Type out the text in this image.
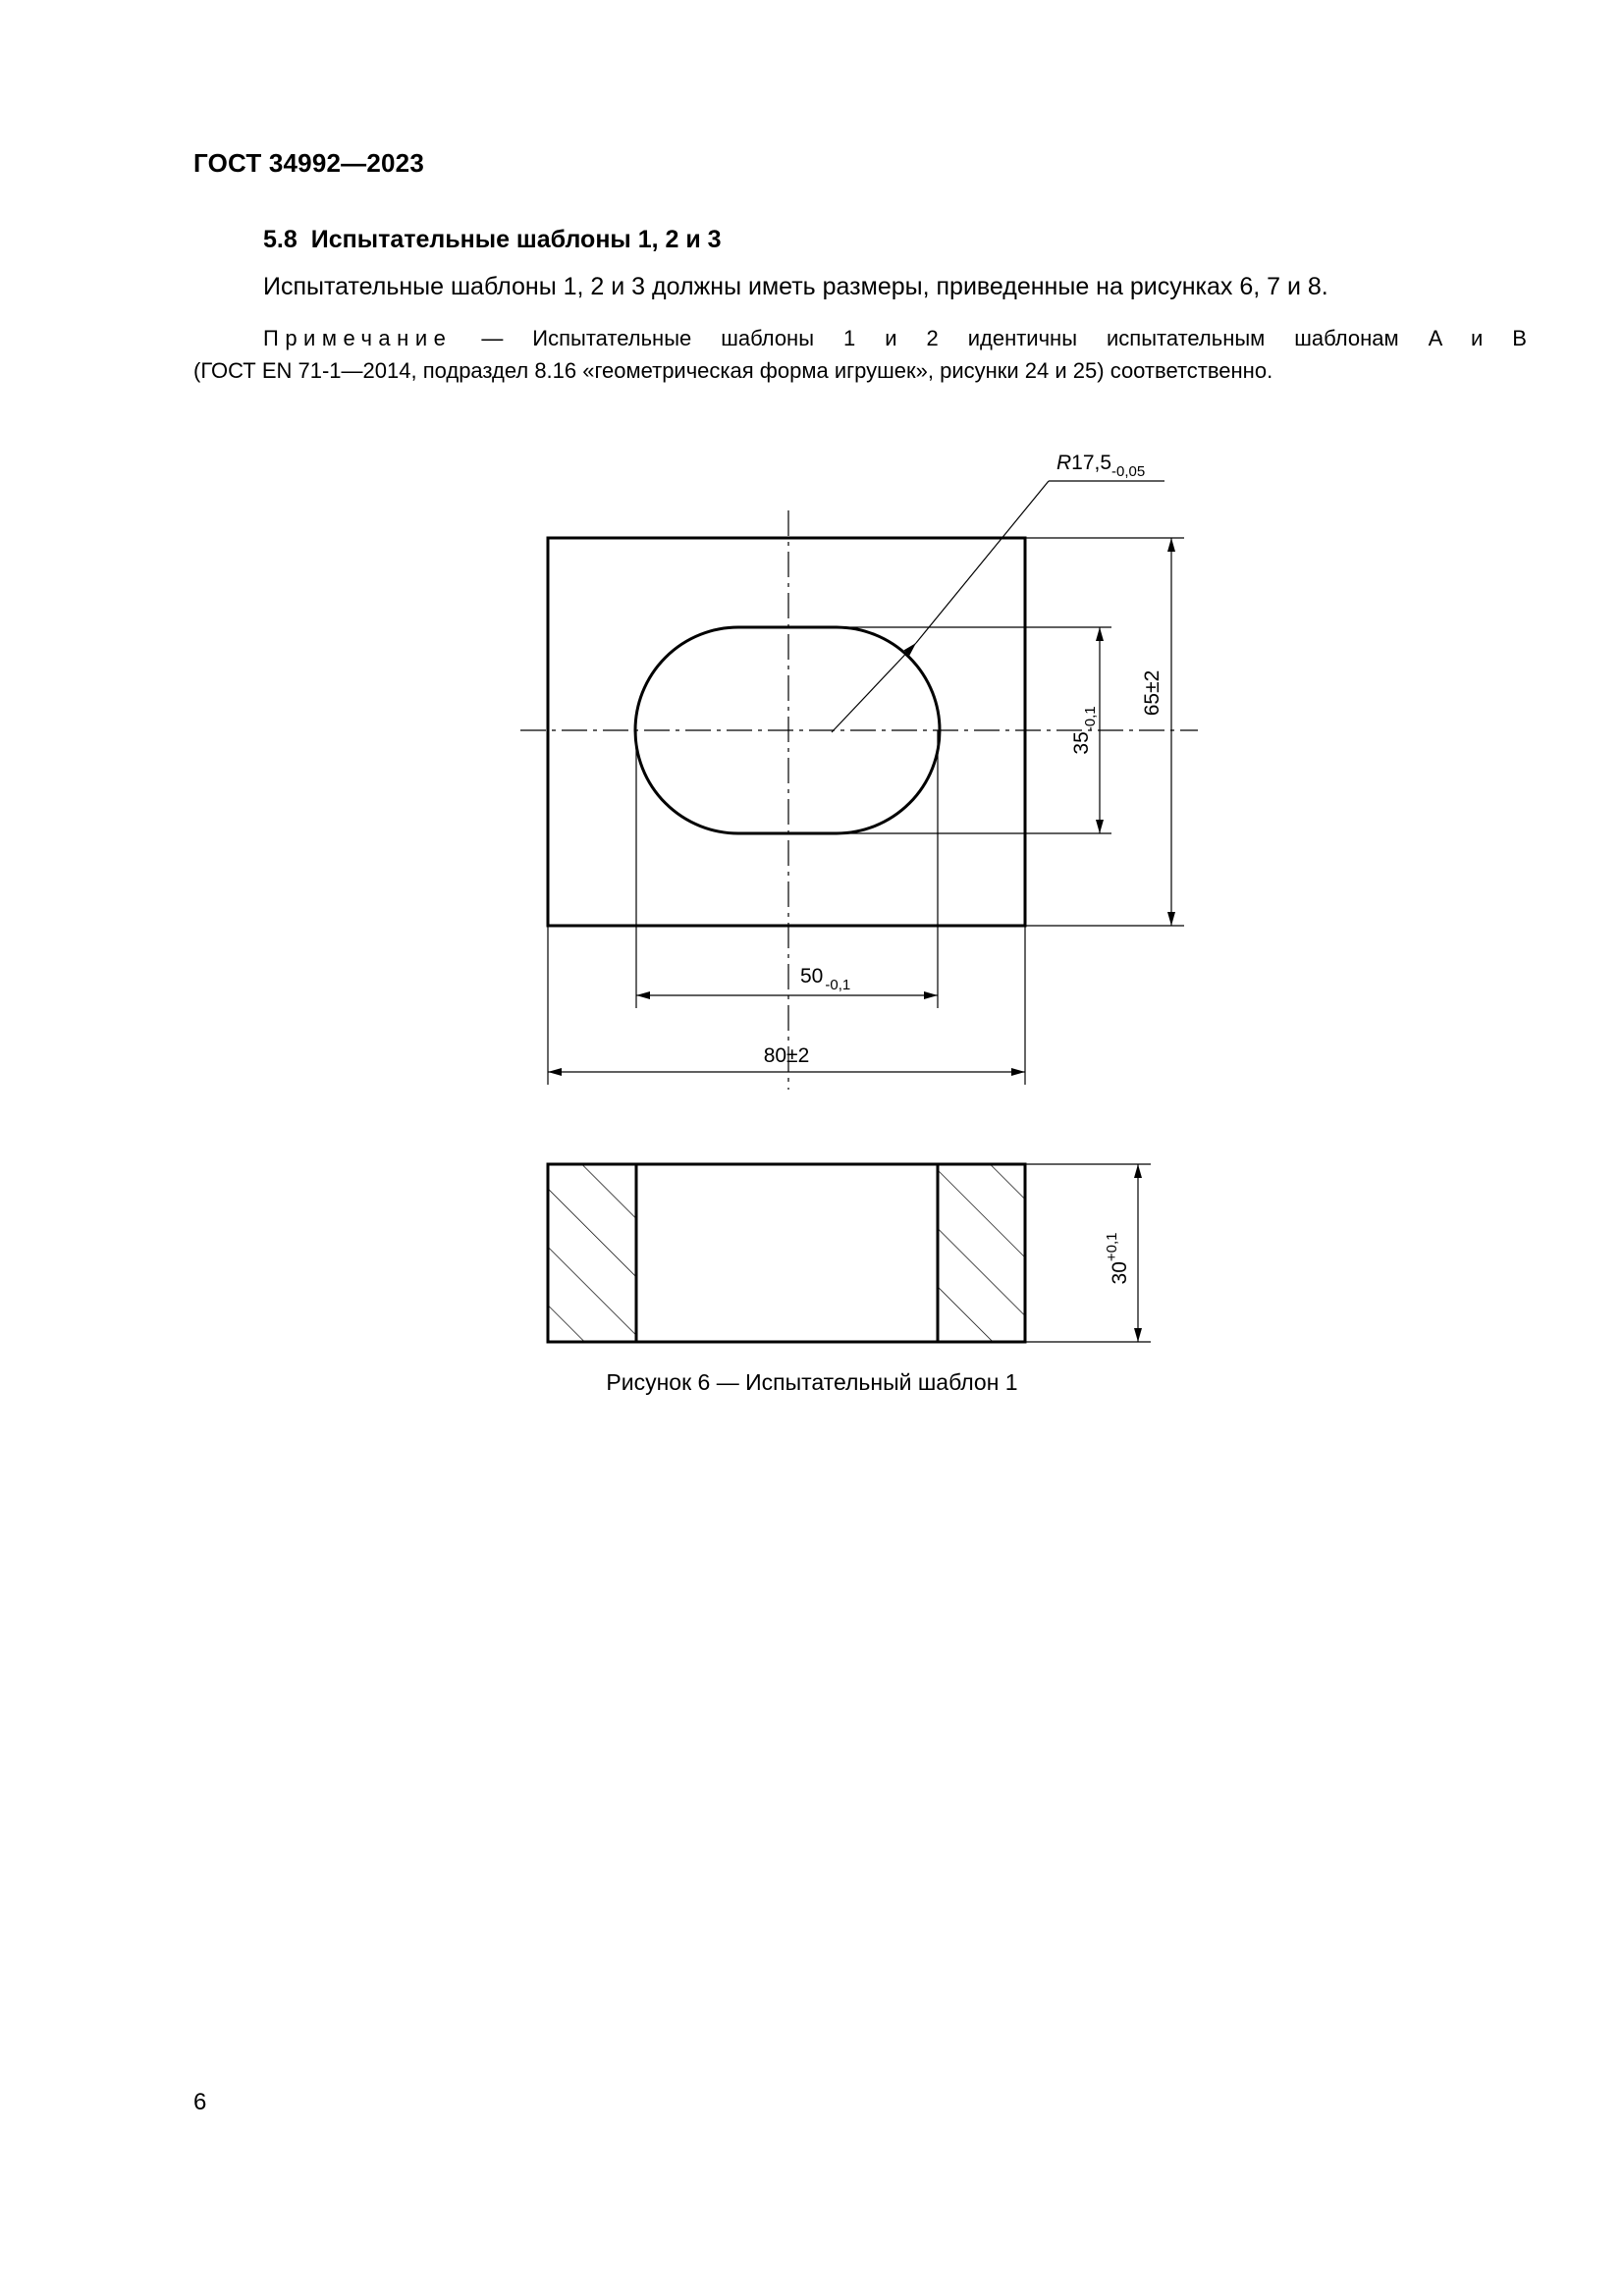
ГОСТ 34992—2023
5.8 Испытательные шаблоны 1, 2 и 3
Испытательные шаблоны 1, 2 и 3 должны иметь размеры, приведенные на рисунках 6, 7 и 8.
Примечание — Испытательные шаблоны 1 и 2 идентичны испытательным шаблонам A и B
(ГОСТ EN 71-1—2014, подраздел 8.16 «геометрическая форма игрушек», рисунки 24 и 25) соответственно.
$R17,5_{-0,05}$
$35_{-0,1}$
65±2
50 $_{-0,1}$
80±2
$30^{+0,1}$
Рисунок 6 — Испытательный шаблон 1
6
